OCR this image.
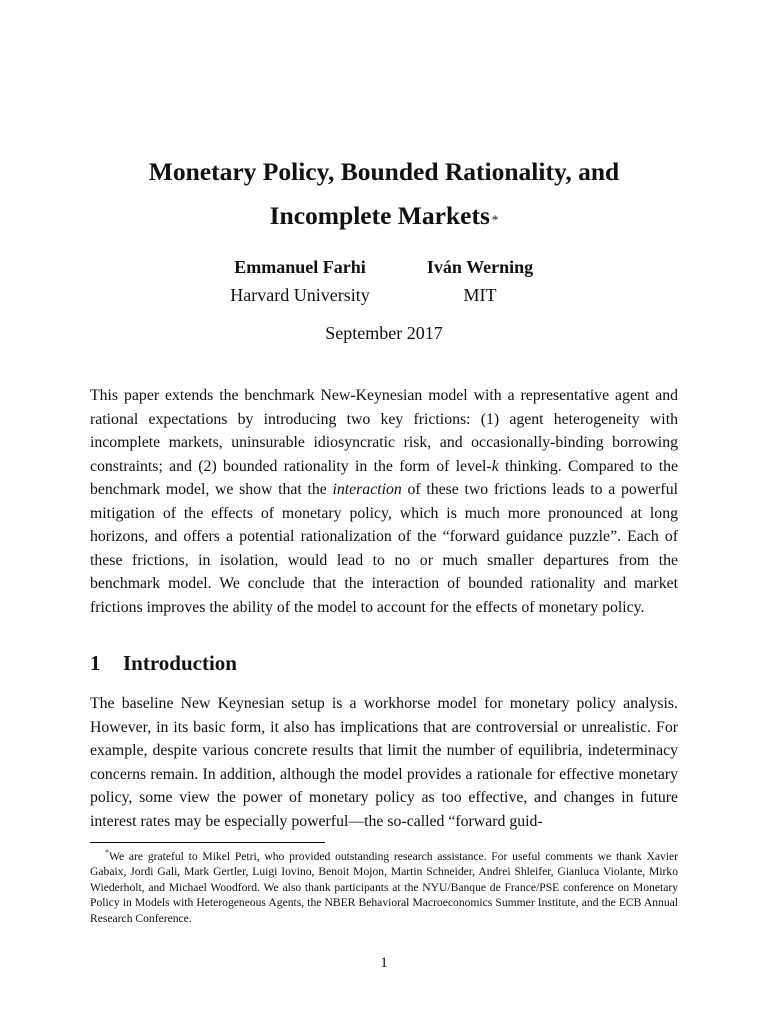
Monetary Policy, Bounded Rationality, and
Incomplete Markets *
Emmanuel Farhi
Harvard University
Iván Werning
MIT
September 2017

This paper extends the benchmark New-Keynesian model with a representative agent and rational expectations by introducing two key frictions: (1) agent heterogeneity with incomplete markets, uninsurable idiosyncratic risk, and occasionally-binding borrowing constraints; and (2) bounded rationality in the form of level-k thinking. Compared to the benchmark model, we show that the interaction of these two frictions leads to a powerful mitigation of the effects of monetary policy, which is much more pronounced at long horizons, and offers a potential rationalization of the “forward guidance puzzle”. Each of these frictions, in isolation, would lead to no or much smaller departures from the benchmark model. We conclude that the interaction of bounded rationality and market frictions improves the ability of the model to account for the effects of monetary policy.

1 Introduction

The baseline New Keynesian setup is a workhorse model for monetary policy analysis. However, in its basic form, it also has implications that are controversial or unrealistic. For example, despite various concrete results that limit the number of equilibria, indeterminacy concerns remain. In addition, although the model provides a rationale for effective monetary policy, some view the power of monetary policy as too effective, and changes in future interest rates may be especially powerful—the so-called “forward guid-

*We are grateful to Mikel Petri, who provided outstanding research assistance. For useful comments we thank Xavier Gabaix, Jordi Gali, Mark Gertler, Luigi Iovino, Benoit Mojon, Martin Schneider, Andrei Shleifer, Gianluca Violante, Mirko Wiederholt, and Michael Woodford. We also thank participants at the NYU/Banque de France/PSE conference on Monetary Policy in Models with Heterogeneous Agents, the NBER Behavioral Macroeconomics Summer Institute, and the ECB Annual Research Conference.

1
